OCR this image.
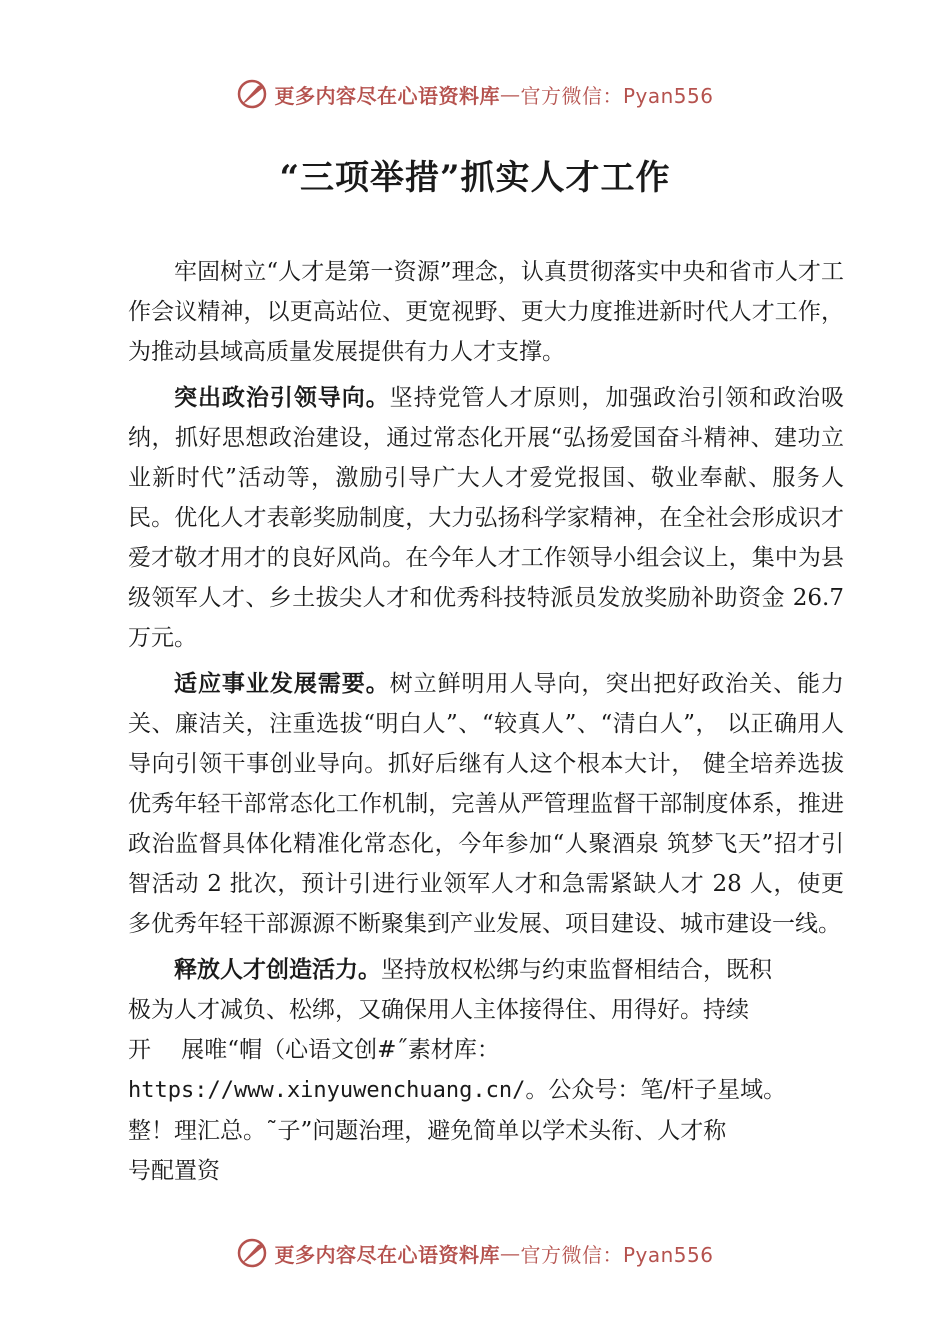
更多内容尽在心语资料库 — 官方微信：Pyan556
“三项举措”抓实人才工作

牢固树立“人才是第一资源”理念，认真贯彻落实中央和省市人才工作会议精神，以更高站位、更宽视野、更大力度推进新时代人才工作，为推动县域高质量发展提供有力人才支撑。

突出政治引领导向。坚持党管人才原则，加强政治引领和政治吸纳，抓好思想政治建设，通过常态化开展“弘扬爱国奋斗精神、建功立业新时代”活动等，激励引导广大人才爱党报国、敬业奉献、服务人民。优化人才表彰奖励制度，大力弘扬科学家精神，在全社会形成识才爱才敬才用才的良好风尚。在今年人才工作领导小组会议上，集中为县级领军人才、乡土拔尖人才和优秀科技特派员发放奖励补助资金 26.7 万元。

适应事业发展需要。树立鲜明用人导向，突出把好政治关、能力关、廉洁关，注重选拔“明白人”、“较真人”、“清白人”， 以正确用人导向引领干事创业导向。抓好后继有人这个根本大计， 健全培养选拔优秀年轻干部常态化工作机制，完善从严管理监督干部制度体系，推进政治监督具体化精准化常态化，今年参加“人聚酒泉 筑梦飞天”招才引智活动 2 批次，预计引进行业领军人才和急需紧缺人才 28 人，使更多优秀年轻干部源源不断聚集到产业发展、项目建设、城市建设一线。

释放人才创造活力。坚持放权松绑与约束监督相结合，既积
极为人才减负、松绑，又确保用人主体接得住、用得好。持续
开　 展唯“帽（心语文创#˝素材库：
https://www.xinyuwenchuang.cn/。公众号：笔/杆子星域。
整！理汇总。˜子”问题治理，避免简单以学术头衔、人才称
号配置资
更多内容尽在心语资料库 — 官方微信：Pyan556
